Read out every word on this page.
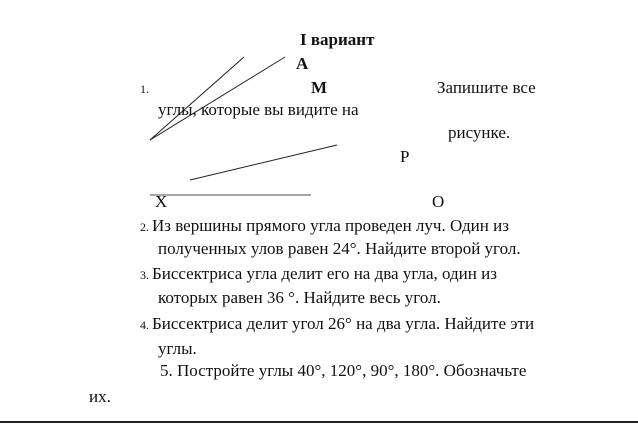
I вариант
A
M
P
X	O
1.	Запишите все
углы, которые вы видите на
рисунке.
2. Из вершины прямого угла проведен луч. Один из
полученных улов равен 24°. Найдите второй угол.
3. Биссектриса угла делит его на два угла, один из
которых равен 36 °. Найдите весь угол.
4. Биссектриса делит угол 26° на два угла. Найдите эти
углы.
5. Постройте углы 40°, 120°, 90°, 180°. Обозначьте
их.
